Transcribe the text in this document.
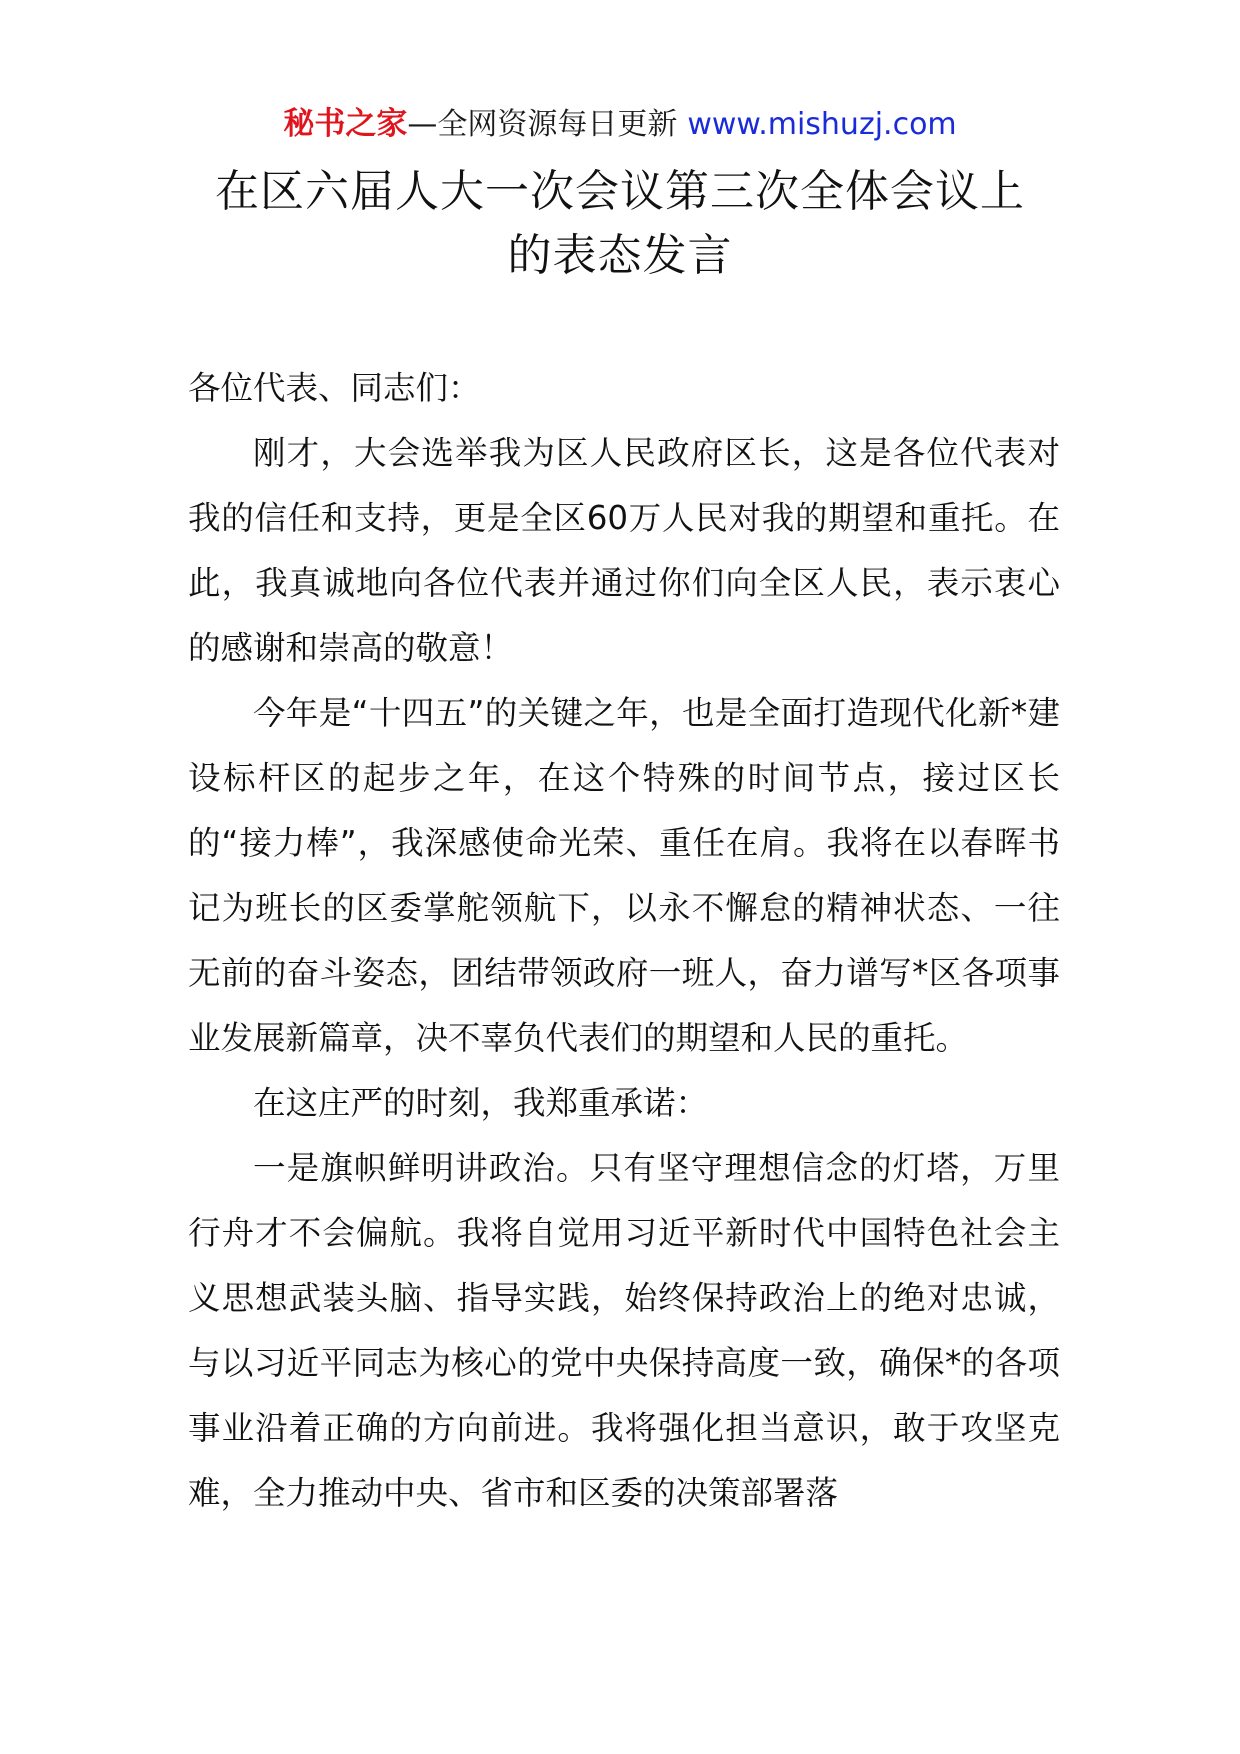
秘书之家—全网资源每日更新 www.mishuzj.com
在区六届人大一次会议第三次全体会议上
的表态发言

各位代表、同志们：

刚才，大会选举我为区人民政府区长，这是各位代表对我的信任和支持，更是全区60万人民对我的期望和重托。在此，我真诚地向各位代表并通过你们向全区人民，表示衷心的感谢和崇高的敬意！

今年是“十四五”的关键之年，也是全面打造现代化新*建设标杆区的起步之年，在这个特殊的时间节点，接过区长的“接力棒”，我深感使命光荣、重任在肩。我将在以春晖书记为班长的区委掌舵领航下，以永不懈怠的精神状态、一往无前的奋斗姿态，团结带领政府一班人，奋力谱写*区各项事业发展新篇章，决不辜负代表们的期望和人民的重托。

在这庄严的时刻，我郑重承诺：

一是旗帜鲜明讲政治。只有坚守理想信念的灯塔，万里行舟才不会偏航。我将自觉用习近平新时代中国特色社会主义思想武装头脑、指导实践，始终保持政治上的绝对忠诚，与以习近平同志为核心的党中央保持高度一致，确保*的各项事业沿着正确的方向前进。我将强化担当意识，敢于攻坚克难，全力推动中央、省市和区委的决策部署落
